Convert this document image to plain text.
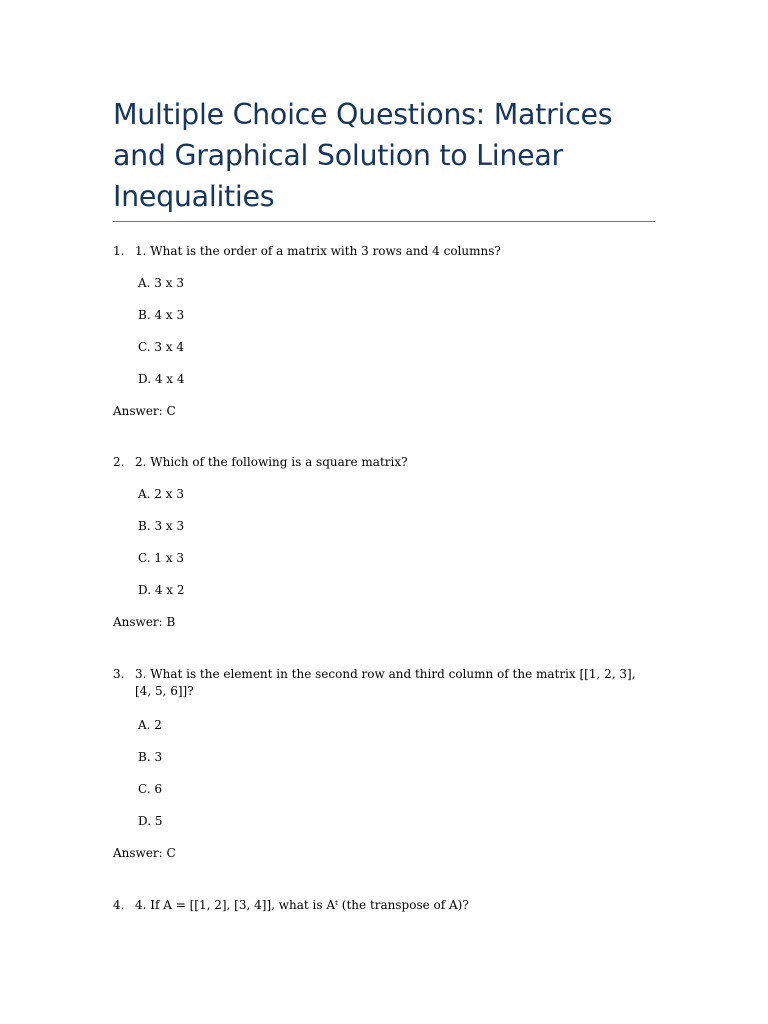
Multiple Choice Questions: Matrices and Graphical Solution to Linear Inequalities
1. 1. What is the order of a matrix with 3 rows and 4 columns?
A. 3 x 3
B. 4 x 3
C. 3 x 4
D. 4 x 4
Answer: C
2. 2. Which of the following is a square matrix?
A. 2 x 3
B. 3 x 3
C. 1 x 3
D. 4 x 2
Answer: B
3. 3. What is the element in the second row and third column of the matrix [[1, 2, 3], [4, 5, 6]]?
A. 2
B. 3
C. 6
D. 5
Answer: C
4. 4. If A = [[1, 2], [3, 4]], what is Aᵗ (the transpose of A)?
